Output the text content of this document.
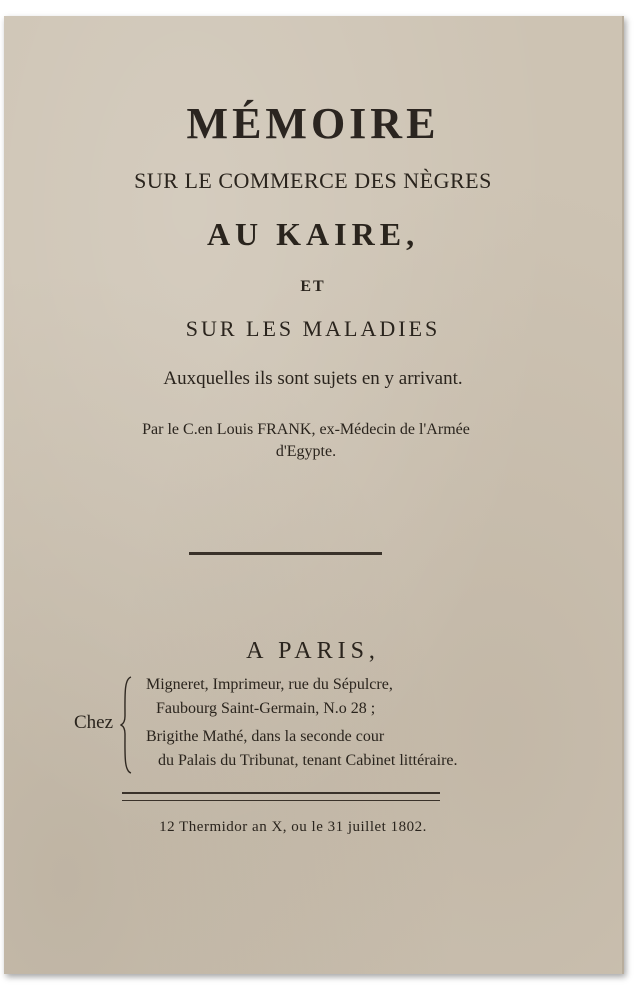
MÉMOIRE
SUR LE COMMERCE DES NÈGRES
AU KAIRE,
ET
SUR LES MALADIES
Auxquelles ils sont sujets en y arrivant.
Par le C.en Louis FRANK, ex-Médecin de l'Armée
d'Egypte.
A PARIS,
Chez
Migneret, Imprimeur, rue du Sépulcre,
Faubourg Saint-Germain, N.o 28 ;
Brigithe Mathé, dans la seconde cour
du Palais du Tribunat, tenant Cabinet littéraire.
12 Thermidor an X, ou le 31 juillet 1802.
